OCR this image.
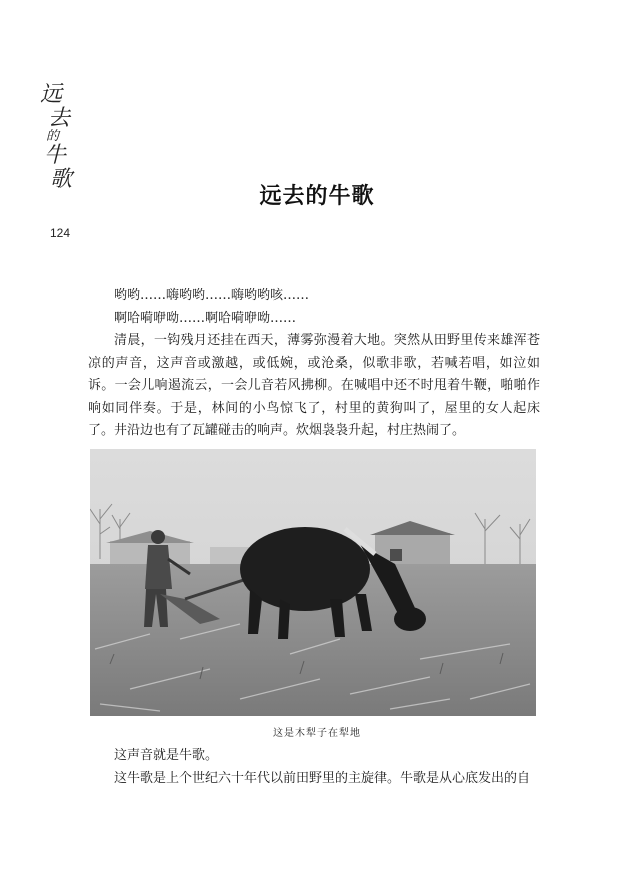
远
去
的
牛
歌
124
远去的牛歌

哟哟……嗨哟哟……嗨哟哟咳……

啊哈嗬咿呦……啊哈嗬咿呦……

清晨，一钩残月还挂在西天，薄雾弥漫着大地。突然从田野里传来雄浑苍凉的声音，这声音或激越，或低婉，或沧桑，似歌非歌，若喊若唱，如泣如诉。一会儿响遏流云，一会儿音若风拂柳。在喊唱中还不时甩着牛鞭，啪啪作响如同伴奏。于是，林间的小鸟惊飞了，村里的黄狗叫了，屋里的女人起床了。井沿边也有了瓦罐碰击的响声。炊烟袅袅升起，村庄热闹了。

这是木犁子在犁地

这声音就是牛歌。

这牛歌是上个世纪六十年代以前田野里的主旋律。牛歌是从心底发出的自
